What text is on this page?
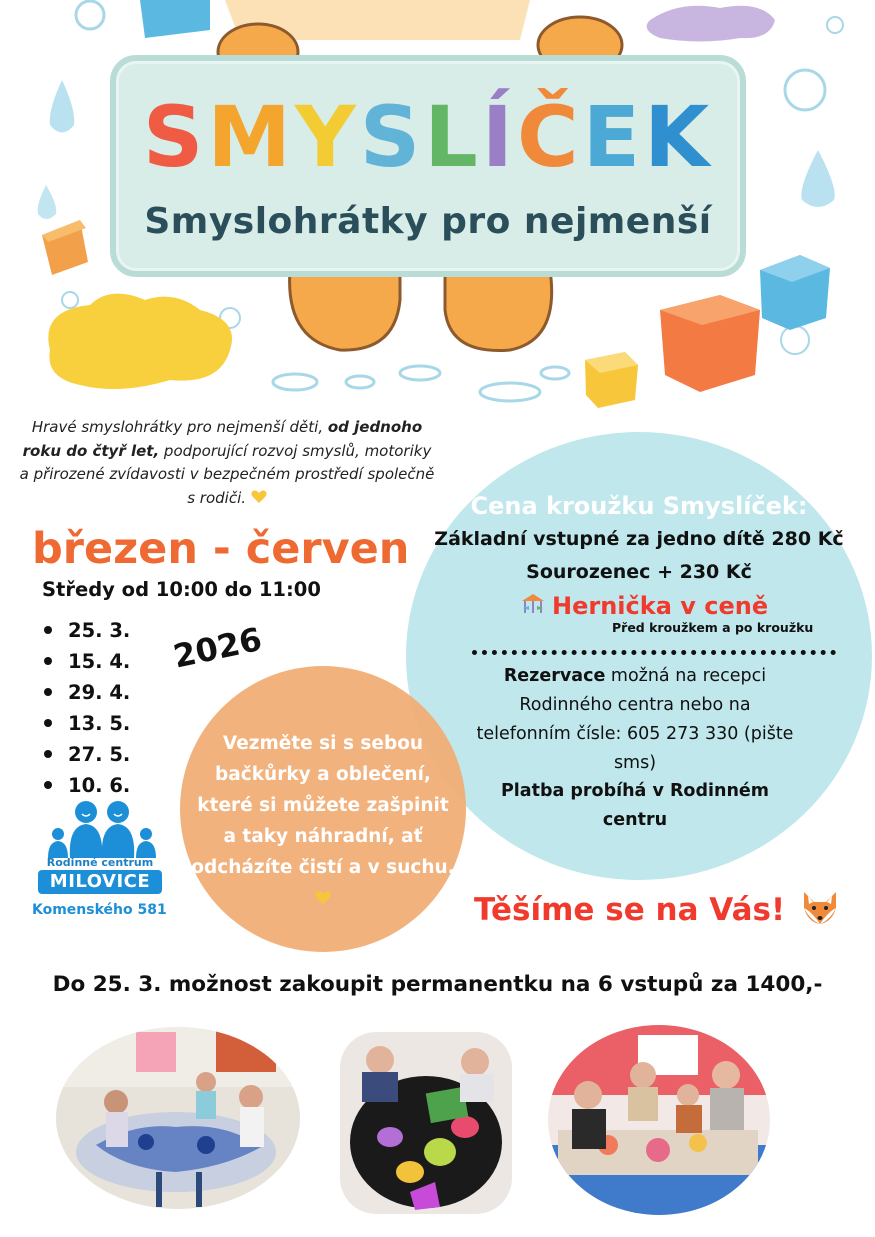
SMYSLÍČEK
Smyslohrátky pro nejmenší

Hravé smyslohrátky pro nejmenší děti, od jednoho roku do čtyř let, podporující rozvoj smyslů, motoriky a přirozené zvídavosti v bezpečném prostředí společně s rodiči.

březen - červen
Středy od 10:00 do 11:00
25. 3.
15. 4.
29. 4.
13. 5.
27. 5.
10. 6.
2026
Rodinné centrum
MILOVICE
Komenského 581
Cena kroužku Smyslíček:
Základní vstupné za jedno dítě 280 Kč
Sourozenec + 230 Kč
Hernička v ceně
Před kroužkem a po kroužku

Rezervace možná na recepci Rodinného centra nebo na telefonním čísle: 605 273 330 (pište sms)

Platba probíhá v Rodinném centru

Vezměte si s sebou bačkůrky a oblečení, které si můžete zašpinit a taky náhradní, ať odcházíte čistí a v suchu.

Těšíme se na Vás!
Do 25. 3. možnost zakoupit permanentku na 6 vstupů za 1400,-
